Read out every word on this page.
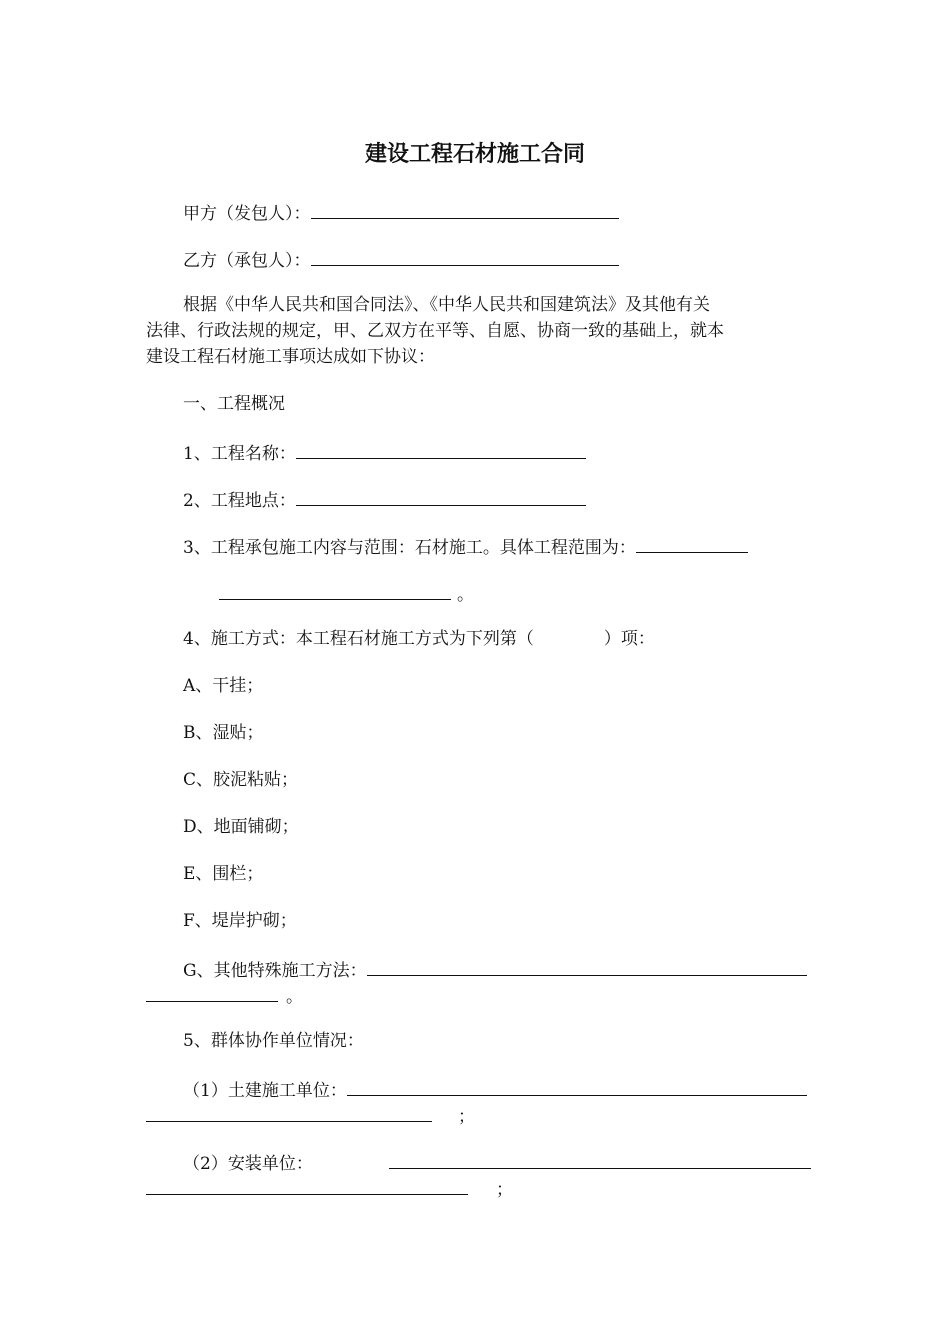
建设工程石材施工合同
甲方（发包人）：
乙方（承包人）：
根据《中华人民共和国合同法》、《中华人民共和国建筑法》及其他有关
法律、行政法规的规定，甲、乙双方在平等、自愿、协商一致的基础上，就本
建设工程石材施工事项达成如下协议：
一、工程概况
1、工程名称：
2、工程地点：
3、工程承包施工内容与范围：石材施工。具体工程范围为：
。
4、施工方式：本工程石材施工方式为下列第（	）项：
A、干挂；
B、湿贴；
C、胶泥粘贴；
D、地面铺砌；
E、围栏；
F、堤岸护砌；
G、其他特殊施工方法：
。
5、群体协作单位情况：
（1）土建施工单位：
；
（2）安装单位：
；
